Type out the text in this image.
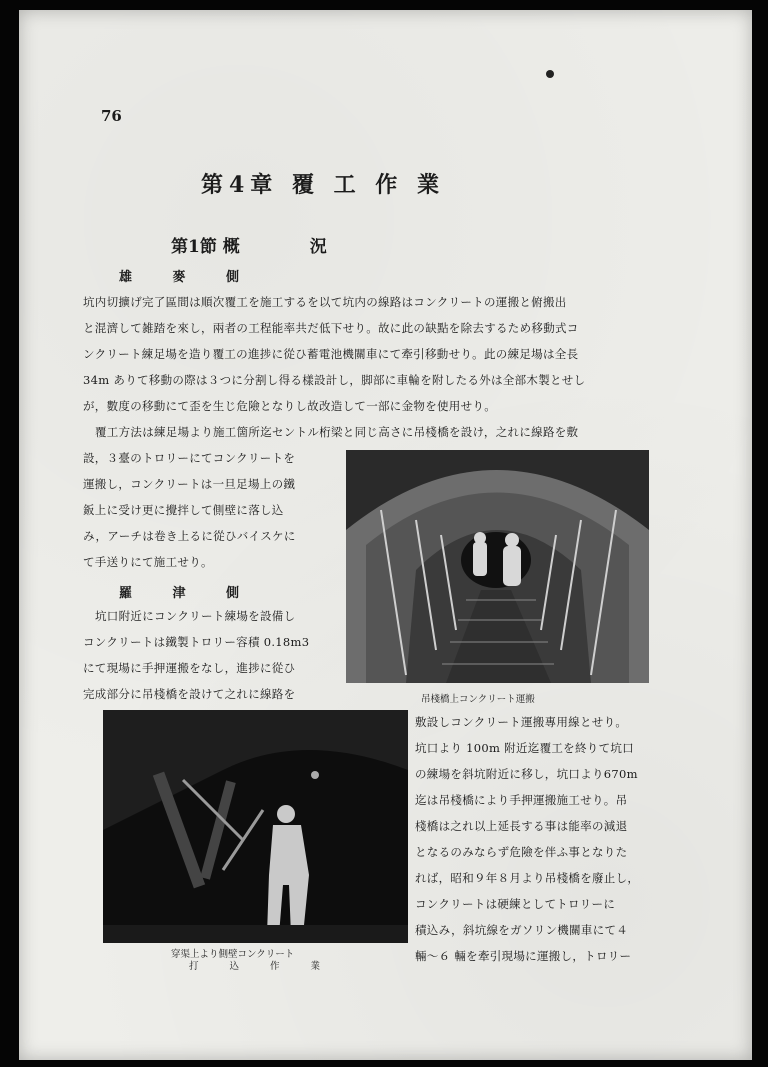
76
第4章 覆 工 作 業
第1節 概	況
雄 麥 側
坑内切擴げ完了區間は順次覆工を施工するを以て坑内の線路はコンクリートの運搬と俯搬出
と混濟して雑踏を來し，兩者の工程能率共だ低下せり。故に此の缺點を除去するため移動式コ
ンクリート練足場を造り覆工の進捗に從ひ蓄電池機關車にて牽引移動せり。此の練足場は全長
34m ありて移動の際は３つに分割し得る樣設計し，脚部に車輪を附したる外は全部木製とせし
が，數度の移動にて歪を生じ危險となりし故改造して一部に金物を使用せり。
覆工方法は練足場より施工箇所迄セントル桁梁と同じ高さに吊棧橋を設け，之れに線路を敷
設，３臺のトロリーにてコンクリートを
運搬し，コンクリートは一旦足場上の鐵
鈑上に受け更に攪拌して側壁に落し込
み，アーチは卷き上るに從ひバイスケに
て手送りにて施工せり。
羅 津 側
坑口附近にコンクリート練場を設備し
コンクリートは鐵製トロリー容積 0.18m3
にて現場に手押運搬をなし，進捗に從ひ
完成部分に吊棧橋を設けて之れに線路を	吊棧橋上コンクリート運搬
穿渠上より側壁コンクリート
打 込 作 業
敷設しコンクリート運搬專用線とせり。
坑口より 100m 附近迄覆工を終りて坑口
の練場を斜坑附近に移し，坑口より670m
迄は吊棧橋により手押運搬施工せり。吊
棧橋は之れ以上延長する事は能率の減退
となるのみならず危險を伴ふ事となりた
れば，昭和９年８月より吊棧橋を廢止し，
コンクリートは硬練としてトロリーに
積込み，斜坑線をガソリン機關車にて４
輛～６ 輛を牽引現場に運搬し，トロリー
